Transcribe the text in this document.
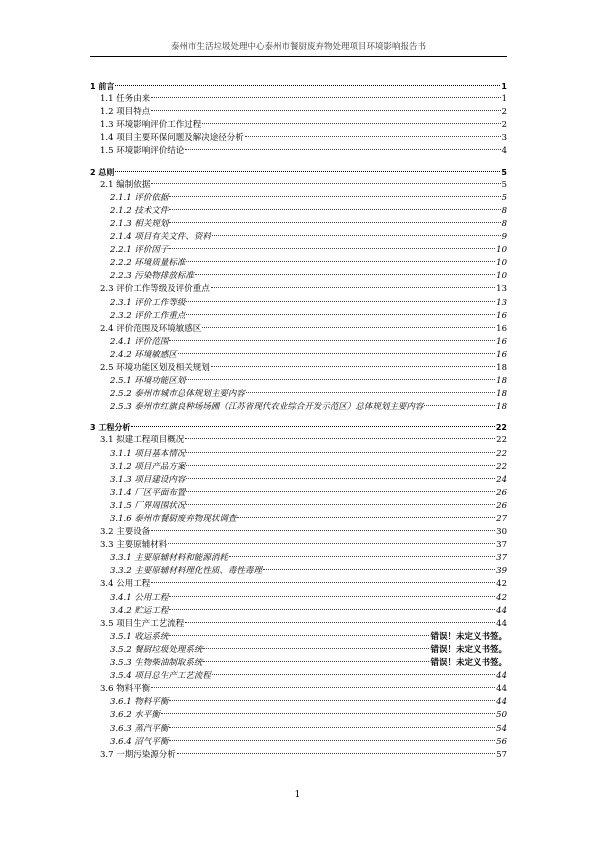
泰州市生活垃圾处理中心泰州市餐厨废弃物处理项目环境影响报告书
1 前言	1
1.1 任务由来	1
1.2 项目特点	2
1.3 环境影响评价工作过程	2
1.4 项目主要环保问题及解决途径分析	3
1.5 环境影响评价结论	4
2 总则	5
2.1 编制依据	5
2.1.1 评价依据	5
2.1.2 技术文件	8
2.1.3 相关规划	8
2.1.4 项目有关文件、资料	9
2.2.1 评价因子	10
2.2.2 环境质量标准	10
2.2.3 污染物排放标准	10
2.3 评价工作等级及评价重点	13
2.3.1 评价工作等级	13
2.3.2 评价工作重点	16
2.4 评价范围及环境敏感区	16
2.4.1 评价范围	16
2.4.2 环境敏感区	16
2.5 环境功能区划及相关规划	18
2.5.1 环境功能区划	18
2.5.2 泰州市城市总体规划主要内容	18
2.5.3 泰州市红旗良种场场圃（江苏省现代农业综合开发示范区）总体规划主要内容	18
3 工程分析	22
3.1 拟建工程项目概况	22
3.1.1 项目基本情况	22
3.1.2 项目产品方案	22
3.1.3 项目建设内容	24
3.1.4 厂区平面布置	26
3.1.5 厂界周围状况	26
3.1.6 泰州市餐厨废弃物现状调查	27
3.2 主要设备	30
3.3 主要原辅材料	37
3.3.1 主要原辅材料和能源消耗	37
3.3.2 主要原辅材料理化性质、毒性毒理	39
3.4 公用工程	42
3.4.1 公用工程	42
3.4.2 贮运工程	44
3.5 项目生产工艺流程	44
3.5.1 收运系统	错误！未定义书签。
3.5.2 餐厨垃圾处理系统	错误！未定义书签。
3.5.3 生物柴油制取系统	错误！未定义书签。
3.5.4 项目总生产工艺流程	44
3.6 物料平衡	44
3.6.1 物料平衡	44
3.6.2 水平衡	50
3.6.3 蒸汽平衡	54
3.6.4 沼气平衡	56
3.7 一期污染源分析	57
1
